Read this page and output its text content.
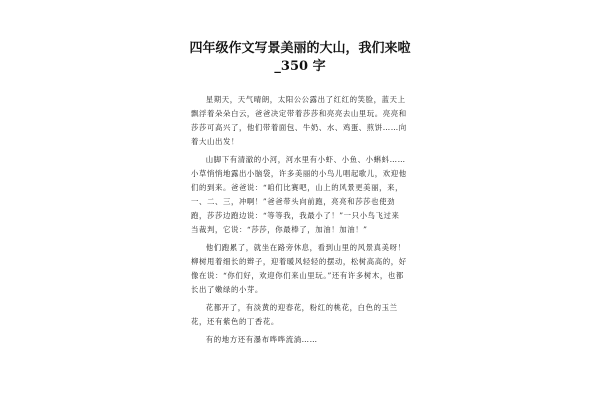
四年级作文写景美丽的大山，我们来啦
_350 字

星期天，天气晴朗，太阳公公露出了红红的笑脸，蓝天上飘浮着朵朵白云，爸爸决定带着莎莎和亮亮去山里玩。亮亮和莎莎可高兴了，他们带着面包、牛奶、水、鸡蛋、煎饼……向着大山出发！

山脚下有清澈的小河，河水里有小虾、小鱼、小蝌蚪……小草悄悄地露出小脑袋，许多美丽的小鸟儿唱起歌儿，欢迎他们的到来。爸爸说：“咱们比赛吧，山上的风景更美丽，来，一、二、三，冲啊！”爸爸带头向前跑，亮亮和莎莎也使劲跑，莎莎边跑边说：“等等我，我最小了！”一只小鸟飞过来当裁判，它说：“莎莎，你最棒了，加油！加油！”

他们跑累了，就坐在路旁休息，看到山里的风景真美呀！柳树甩着细长的辫子，迎着暖风轻轻的摆动，松树高高的，好像在说：“你们好，欢迎你们来山里玩。”还有许多树木，也都长出了嫩绿的小芽。

花都开了，有淡黄的迎春花，粉红的桃花，白色的玉兰花，还有紫色的丁香花。

有的地方还有瀑布哗哗流淌……
